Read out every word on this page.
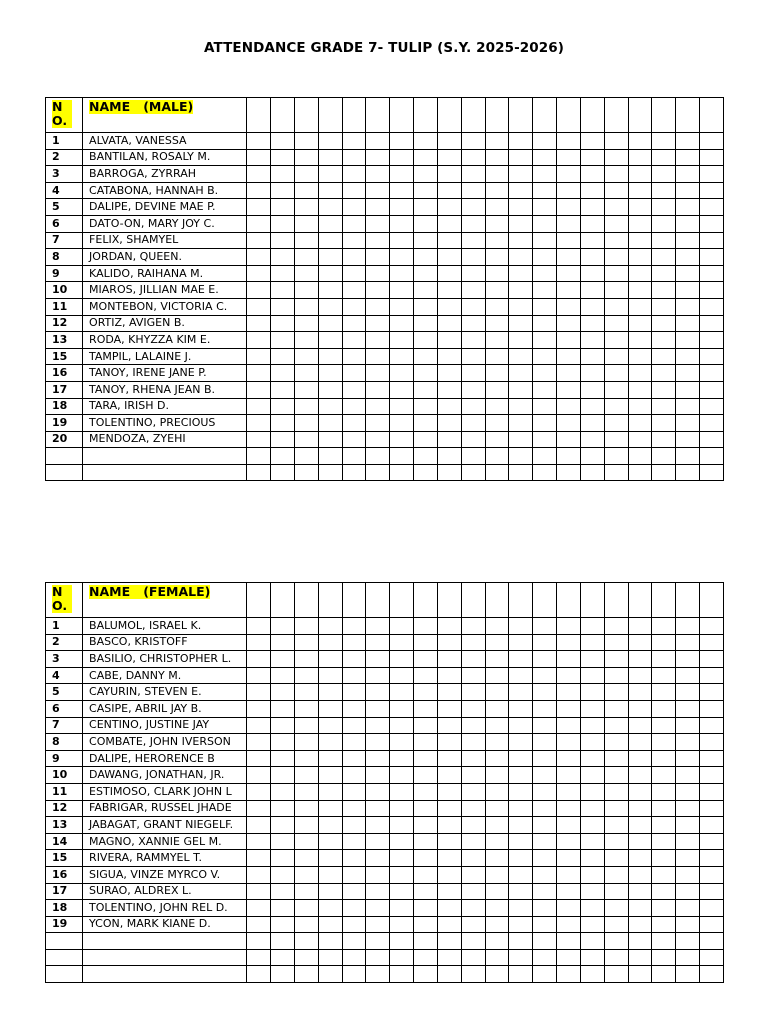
ATTENDANCE GRADE 7- TULIP (S.Y. 2025-2026)
NO.	NAME   (MALE)																				
1	ALVATA, VANESSA																				
2	BANTILAN, ROSALY M.																				
3	BARROGA, ZYRRAH																				
4	CATABONA, HANNAH B.																				
5	DALIPE, DEVINE MAE P.																				
6	DATO-ON, MARY JOY C.																				
7	FELIX, SHAMYEL																				
8	JORDAN, QUEEN.																				
9	KALIDO, RAIHANA M.																				
10	MIAROS, JILLIAN MAE E.																				
11	MONTEBON, VICTORIA C.																				
12	ORTIZ, AVIGEN B.																				
13	RODA, KHYZZA KIM E.																				
15	TAMPIL, LALAINE J.																				
16	TANOY, IRENE JANE P.																				
17	TANOY, RHENA JEAN B.																				
18	TARA, IRISH D.																				
19	TOLENTINO, PRECIOUS																				
20	MENDOZA, ZYEHI																				

NO.	NAME   (FEMALE)																				
1	BALUMOL, ISRAEL K.																				
2	BASCO, KRISTOFF																				
3	BASILIO, CHRISTOPHER L.																				
4	CABE, DANNY M.																				
5	CAYURIN, STEVEN E.																				
6	CASIPE, ABRIL JAY B.																				
7	CENTINO, JUSTINE JAY																				
8	COMBATE, JOHN IVERSON																				
9	DALIPE, HERORENCE B																				
10	DAWANG, JONATHAN, JR.																				
11	ESTIMOSO, CLARK JOHN L																				
12	FABRIGAR, RUSSEL JHADE																				
13	JABAGAT, GRANT NIEGELF.																				
14	MAGNO, XANNIE GEL M.																				
15	RIVERA, RAMMYEL T.																				
16	SIGUA, VINZE MYRCO V.																				
17	SURAO, ALDREX L.																				
18	TOLENTINO, JOHN REL D.																				
19	YCON, MARK KIANE D.																				
